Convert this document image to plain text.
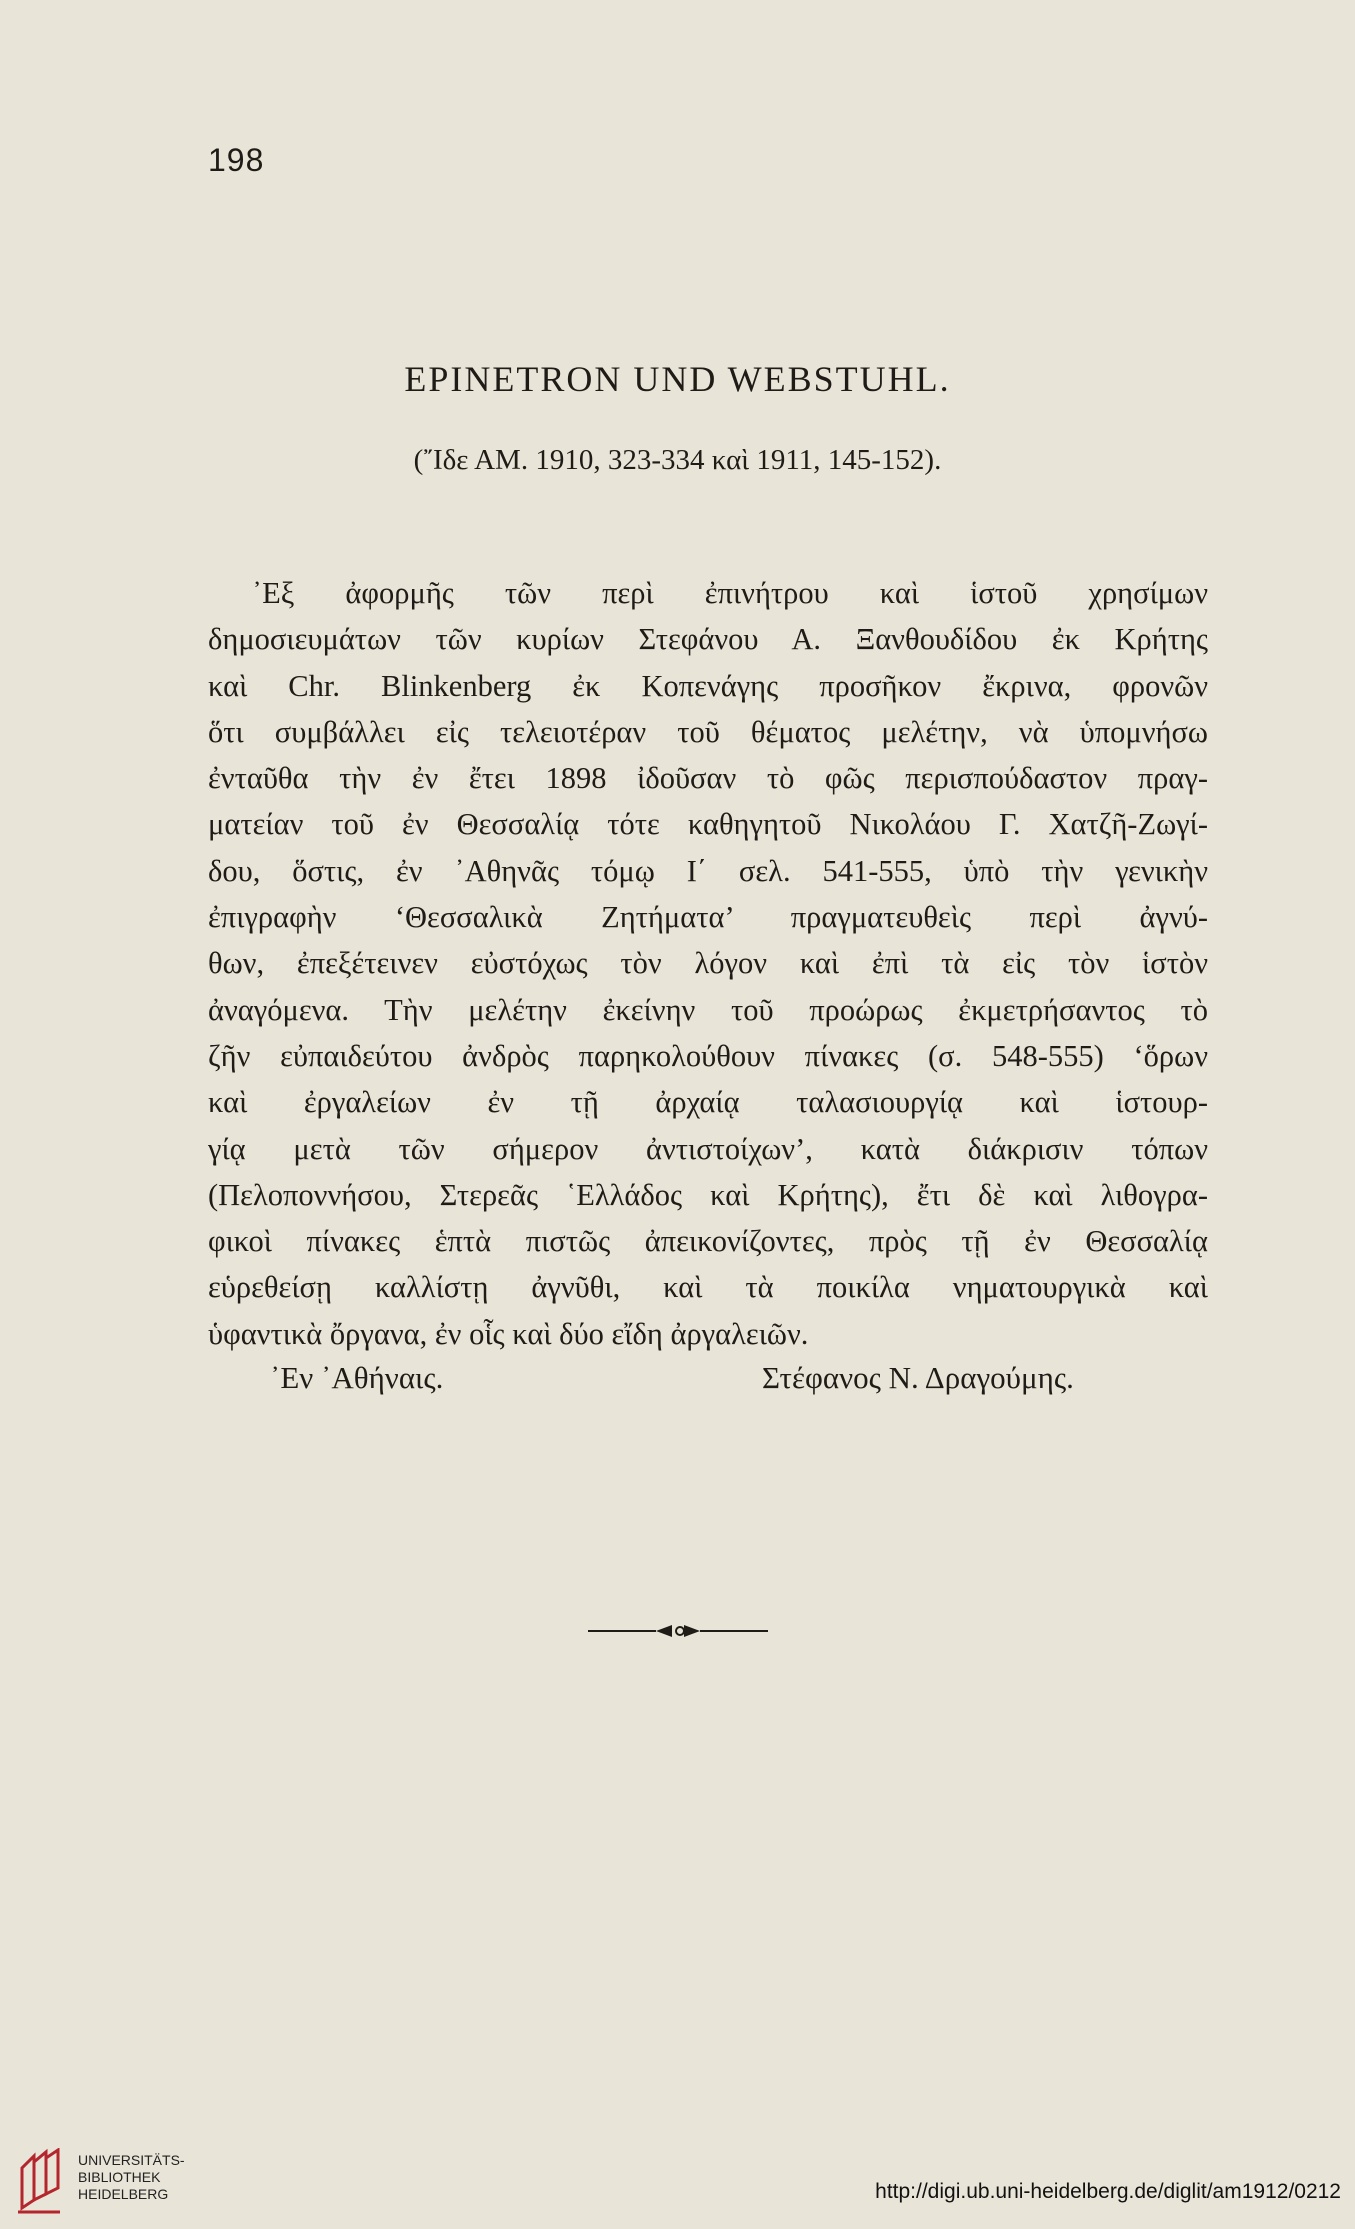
198
EPINETRON UND WEBSTUHL.
(῎Ιδε ΑΜ. 1910, 323-334 καὶ 1911, 145-152).
᾿Εξ ἀφορμῆς τῶν περὶ ἐπινήτρου καὶ ἱστοῦ χρησίμων
δημοσιευμάτων τῶν κυρίων Στεφάνου Α. Ξανθουδίδου ἐκ Κρήτης
καὶ Chr. Blinkenberg ἐκ Κοπενάγης προσῆκον ἔκρινα, φρονῶν
ὅτι συμβάλλει εἰς τελειοτέραν τοῦ θέματος μελέτην, νὰ ὑπομνήσω
ἐνταῦθα τὴν ἐν ἔτει 1898 ἰδοῦσαν τὸ φῶς περισπούδαστον πραγ-
ματείαν τοῦ ἐν Θεσσαλίᾳ τότε καθηγητοῦ Νικολάου Γ. Χατζῆ-Ζωγί-
δου, ὅστις, ἐν ᾿Αθηνᾶς τόμῳ Ι΄ σελ. 541-555, ὑπὸ τὴν γενικὴν
ἐπιγραφὴν ‘Θεσσαλικὰ Ζητήματα’ πραγματευθεὶς περὶ ἀγνύ-
θων, ἐπεξέτεινεν εὐστόχως τὸν λόγον καὶ ἐπὶ τὰ εἰς τὸν ἱστὸν
ἀναγόμενα. Τὴν μελέτην ἐκείνην τοῦ προώρως ἐκμετρήσαντος τὸ
ζῆν εὐπαιδεύτου ἀνδρὸς παρηκολούθουν πίνακες (σ. 548-555) ‘ὅρων
καὶ ἐργαλείων ἐν τῇ ἀρχαίᾳ ταλασιουργίᾳ καὶ ἱστουρ-
γίᾳ μετὰ τῶν σήμερον ἀντιστοίχων’, κατὰ διάκρισιν τόπων
(Πελοποννήσου, Στερεᾶς ῾Ελλάδος καὶ Κρήτης), ἔτι δὲ καὶ λιθογρα-
φικοὶ πίνακες ἑπτὰ πιστῶς ἀπεικονίζοντες, πρὸς τῇ ἐν Θεσσαλίᾳ
εὑρεθείσῃ καλλίστῃ ἀγνῦθι, καὶ τὰ ποικίλα νηματουργικὰ καὶ
ὑφαντικὰ ὄργανα, ἐν οἷς καὶ δύο εἴδη ἀργαλειῶν.
᾿Εν ᾿Αθήναις.	Στέφανος Ν. Δραγούμης.
UNIVERSITÄTS-
BIBLIOTHEK
HEIDELBERG	http://digi.ub.uni-heidelberg.de/diglit/am1912/0212
